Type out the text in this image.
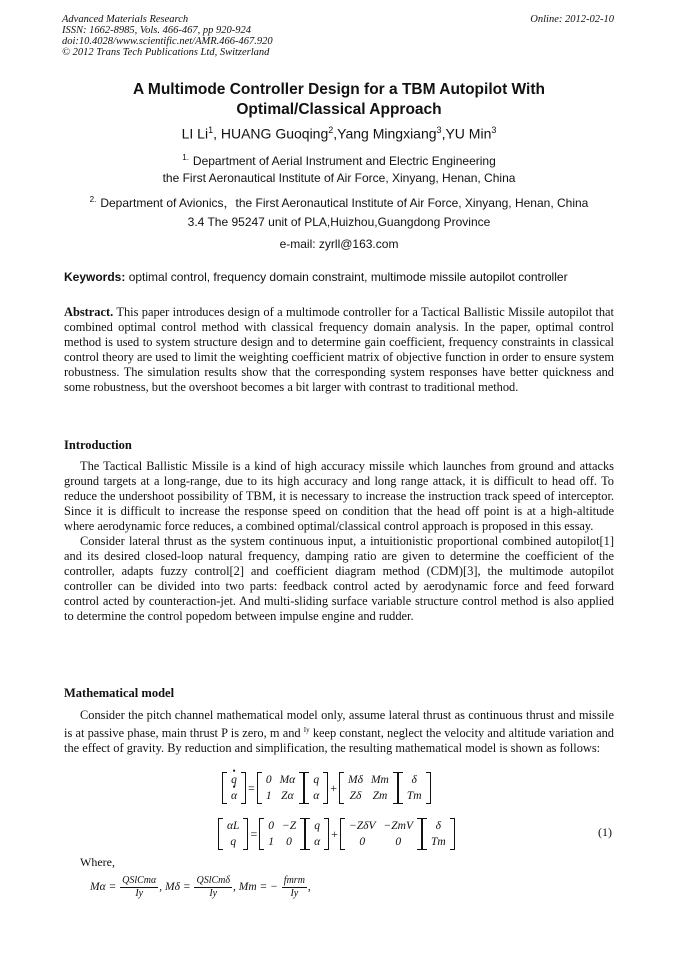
Advanced Materials Research
ISSN: 1662-8985, Vols. 466-467, pp 920-924
doi:10.4028/www.scientific.net/AMR.466-467.920
© 2012 Trans Tech Publications Ltd, Switzerland
Online: 2012-02-10
A Multimode Controller Design for a TBM Autopilot With
Optimal/Classical Approach
LI Li$^1$, HUANG Guoqing$^2$,Yang Mingxiang$^3$,YU Min$^3$
$^{1.}$ Department of Aerial Instrument and Electric Engineering
the First Aeronautical Institute of Air Force, Xinyang, Henan, China
$^{2.}$ Department of Avionics，the First Aeronautical Institute of Air Force, Xinyang, Henan, China
3.4 The 95247 unit of PLA,Huizhou,Guangdong Province
e-mail: zyrll@163.com
Keywords: optimal control, frequency domain constraint, multimode missile autopilot controller

Abstract. This paper introduces design of a multimode controller for a Tactical Ballistic Missile autopilot that combined optimal control method with classical frequency domain analysis. In the paper, optimal control method is used to system structure design and to determine gain coefficient, frequency constraints in classical control theory are used to limit the weighting coefficient matrix of objective function in order to ensure system robustness. The simulation results show that the corresponding system responses have better quickness and some robustness, but the overshoot becomes a bit larger with contrast to traditional method.

Introduction

The Tactical Ballistic Missile is a kind of high accuracy missile which launches from ground and attacks ground targets at a long-range, due to its high accuracy and long range attack, it is difficult to head off. To reduce the undershoot possibility of TBM, it is necessary to increase the instruction track speed of interceptor. Since it is difficult to increase the response speed on condition that the head off point is at a high-altitude where aerodynamic force reduces, a combined optimal/classical control approach is proposed in this essay.

Consider lateral thrust as the system continuous input, a intuitionistic proportional combined autopilot[1] and its desired closed-loop natural frequency, damping ratio are given to determine the coefficient of the controller, adapts fuzzy control[2] and coefficient diagram method (CDM)[3], the multimode autopilot controller can be divided into two parts: feedback control acted by aerodynamic force and feed forward control acted by counteraction-jet. And multi-sliding surface variable structure control method is also applied to determine the control popedom between impulse engine and rudder.

Mathematical model

Consider the pitch channel mathematical model only, assume lateral thrust as continuous thrust and missile is at passive phase, main thrust P is zero, m and $^{Iy}$ keep constant, neglect the velocity and altitude variation and the effect of gravity. By reduction and simplification, the resulting mathematical model is shown as follows:

• q
• α
=
0	Mα
1	Zα
q
α
+
Mδ	Mm
Zδ	Zm
δ
Tm
αL
q
=
0	−Z
1	0
q
α
+
−ZδV	−ZmV
0	0
δ
Tm
(1)
Where,
$M\alpha = \frac{\text{QSlCmα}}{Iy}$ , $M\delta = \frac{\text{QSlCmδ}}{Iy}$ , Mm = − $\frac{\text{fmrm}}{Iy}$ ,
